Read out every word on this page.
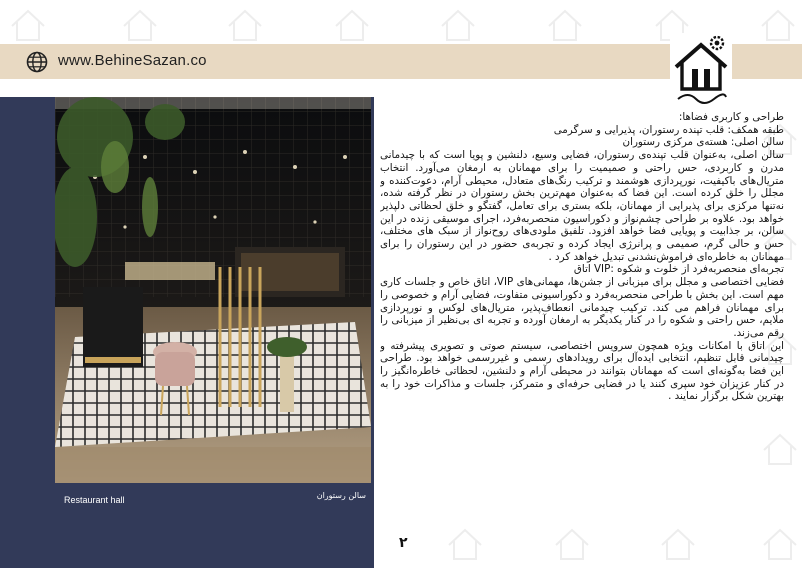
www.BehineSazan.co
Restaurant hall	سالن رستوران

طراحی و کاربری فضاها:

طبقه همکف: قلب تپنده رستوران، پذیرایی و سرگرمی

سالن اصلی: هسته‌ی مرکزی رستوران

سالن اصلی، به‌عنوان قلب تپنده‌ی رستوران، فضایی وسیع، دلنشین و پویا است که با چیدمانی مدرن و کاربردی، حس راحتی و صمیمیت را برای مهمانان به ارمغان می‌آورد. انتخاب متریال‌های باکیفیت، نورپردازی هوشمند و ترکیب رنگ‌های متعادل، محیطی آرام، دعوت‌کننده و مجلل را خلق کرده است. این فضا که به‌عنوان مهم‌ترین بخش رستوران در نظر گرفته شده، نه‌تنها مرکزی برای پذیرایی از مهمانان، بلکه بستری برای تعامل، گفتگو و خلق لحظاتی دلپذیر خواهد بود. علاوه بر طراحی چشم‌نواز و دکوراسیون منحصربه‌فرد، اجرای موسیقی زنده در این سالن، بر جذابیت و پویایی فضا خواهد افزود. تلفیق ملودی‌های روح‌نواز از سبک های مختلف، حس و حالی گرم، صمیمی و پرانرژی ایجاد کرده و تجربه‌ی حضور در این رستوران را برای مهمانان به خاطره‌ای فراموش‌نشدنی تبدیل خواهد کرد .

تجربه‌ای منحصربه‌فرد از خلوت و شکوه :VIP اتاق

فضایی اختصاصی و مجلل برای میزبانی از جشن‌ها، مهمانی‌های VIP، اتاق خاص و جلسات کاری مهم است. این بخش با طراحی منحصربه‌فرد و دکوراسیونی متفاوت، فضایی آرام و خصوصی را برای مهمانان فراهم می کند. ترکیب چیدمانی انعطاف‌پذیر، متریال‌های لوکس و نورپردازی ملایم، حس راحتی و شکوه را در کنار یکدیگر به ارمغان آورده و تجربه ای بی‌نظیر از میزبانی را رقم می‌زند.

این اتاق با امکانات ویژه همچون سرویس اختصاصی، سیستم صوتی و تصویری پیشرفته و چیدمانی قابل تنظیم، انتخابی ایده‌آل برای رویدادهای رسمی و غیررسمی خواهد بود. طراحی این فضا به‌گونه‌ای است که مهمانان بتوانند در محیطی آرام و دلنشین، لحظاتی خاطره‌انگیز را در کنار عزیزان خود سپری کنند یا در فضایی حرفه‌ای و متمرکز، جلسات و مذاکرات خود را به بهترین شکل برگزار نمایند .

۲
